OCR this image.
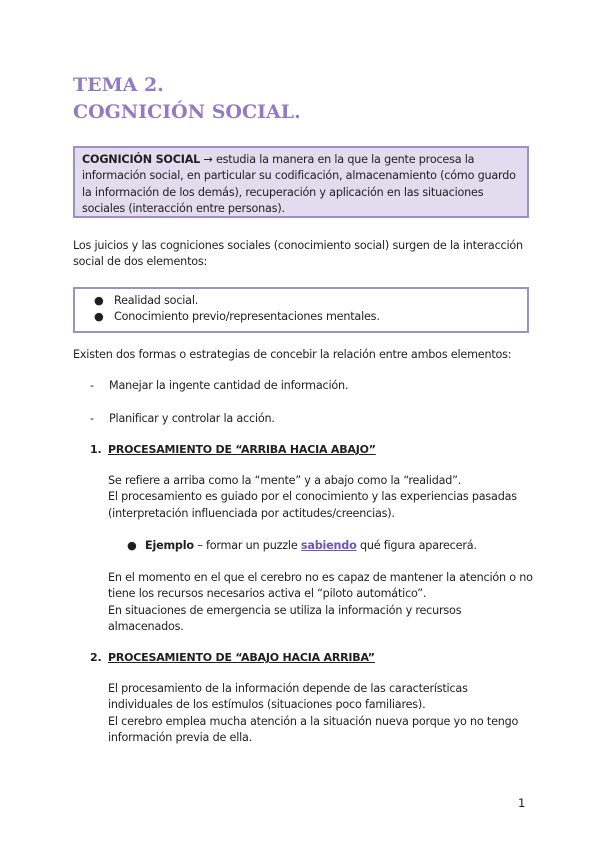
TEMA 2.
COGNICIÓN SOCIAL.
COGNICIÓN SOCIAL → estudia la manera en la que la gente procesa la información social, en particular su codificación, almacenamiento (cómo guardo la información de los demás), recuperación y aplicación en las situaciones sociales (interacción entre personas).

Los juicios y las cogniciones sociales (conocimiento social) surgen de la interacción social de dos elementos:

● Realidad social.
● Conocimiento previo/representaciones mentales.

Existen dos formas o estrategias de concebir la relación entre ambos elementos:

- Manejar la ingente cantidad de información.
- Planificar y controlar la acción.
1. PROCESAMIENTO DE “ARRIBA HACIA ABAJO”

Se refiere a arriba como la “mente” y a abajo como la “realidad”.

El procesamiento es guiado por el conocimiento y las experiencias pasadas (interpretación influenciada por actitudes/creencias).

● Ejemplo – formar un puzzle sabiendo qué figura aparecerá.

En el momento en el que el cerebro no es capaz de mantener la atención o no tiene los recursos necesarios activa el “piloto automático”.

En situaciones de emergencia se utiliza la información y recursos almacenados.

2. PROCESAMIENTO DE “ABAJO HACIA ARRIBA”

El procesamiento de la información depende de las características individuales de los estímulos (situaciones poco familiares).

El cerebro emplea mucha atención a la situación nueva porque yo no tengo información previa de ella.

1
